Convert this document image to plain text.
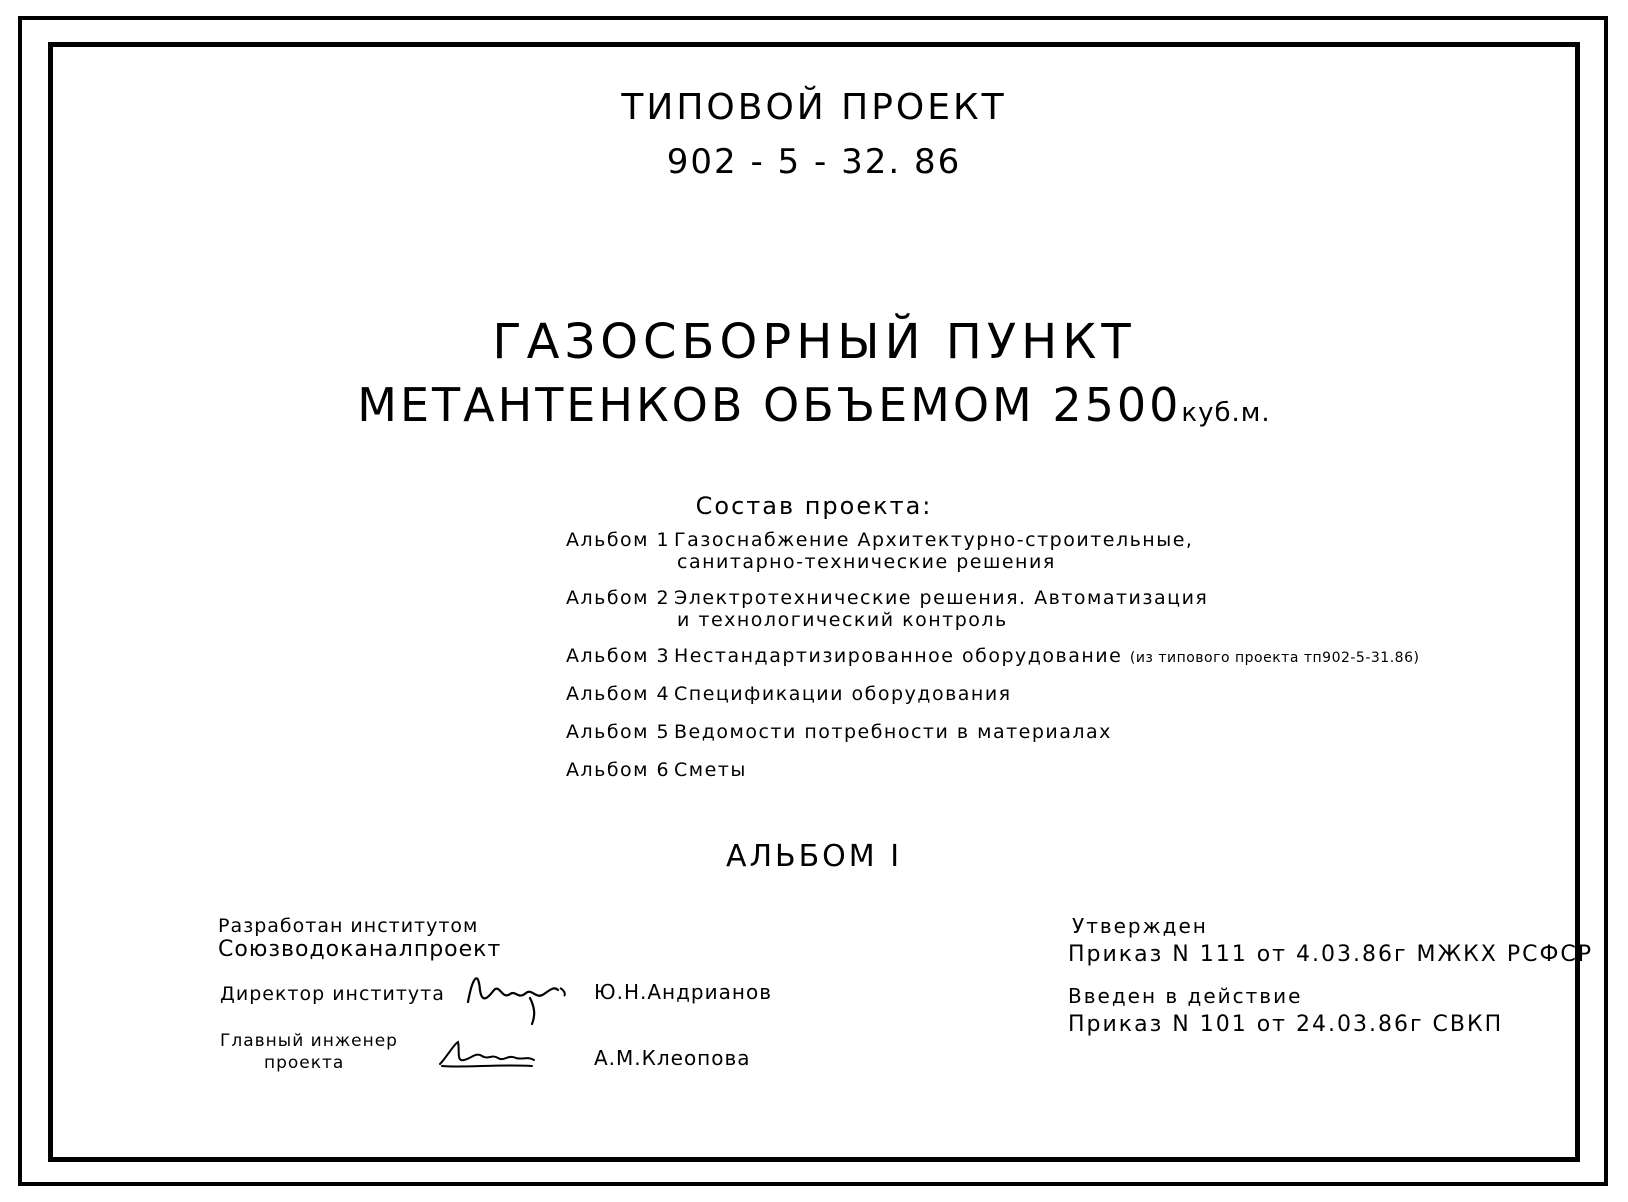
ТИПОВОЙ ПРОЕКТ
902 - 5 - 32. 86
ГАЗОСБОРНЫЙ ПУНКТ
МЕТАНТЕНКОВ ОБЪЕМОМ 2500куб.м.
Состав проекта:
Альбом 1 Газоснабжение Архитектурно-строительные,
санитарно-технические решения
Альбом 2 Электротехнические решения. Автоматизация
и технологический контроль
Альбом 3 Нестандартизированное оборудование (из типового проекта тп902-5-31.86)
Альбом 4 Спецификации оборудования
Альбом 5 Ведомости потребности в материалах
Альбом 6 Сметы
АЛЬБОМ I
Разработан институтом
Союзводоканалпроект
Директор института	Ю.Н.Андрианов
Главный инженер
проекта	А.М.Клеопова
Утвержден
Приказ N 111 от 4.03.86г МЖКХ РСФСР
Введен в действие
Приказ N 101 от 24.03.86г СВКП
